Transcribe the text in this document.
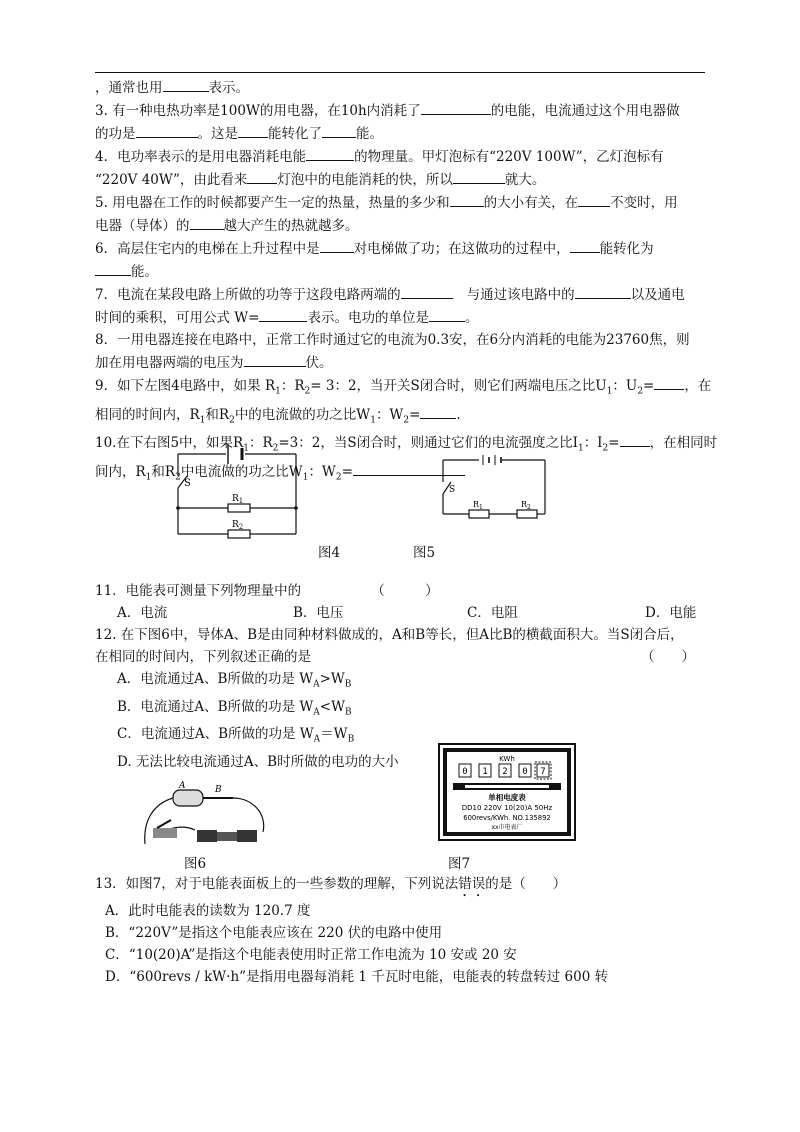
，通常也用	表示。
3. 有一种电热功率是100W的用电器，在10h内消耗了	的电能，电流通过这个用电器做
的功是	。这是 能转化了	能。
4．电功率表示的是用电器消耗电能	的物理量。甲灯泡标有“220V 100W”，乙灯泡标有
“220V 40W”，由此看来 灯泡中的电能消耗的快，所以	就大。
5. 用电器在工作的时候都要产生一定的热量，热量的多少和	的大小有关，在 不变时，用
电器（导体）的	越大产生的热就越多。
6．高层住宅内的电梯在上升过程中是	对电梯做了功；在这做功的过程中， 能转化为
能。
7．电流在某段电路上所做的功等于这段电路两端的	与通过该电路中的	以及通电
时间的乘积，可用公式 W=	表示。电功的单位是	。
8．一用电器连接在电路中，正常工作时通过它的电流为0.3安，在6分内消耗的电能为23760焦，则
加在用电器两端的电压为	伏。
9．如下左图4电路中，如果 $R_1$：$R_2= 3$：2，当开关S闭合时，则它们两端电压之比$U_1$：$U_2=$ ，在
相同的时间内，$R_1$和$R_2$中的电流做的功之比$W_1$：$W_2=$	.
10.在下右图5中，如果$R_1$：$R_2=3$：2，当S闭合时，则通过它们的电流强度之比$I_1$：$I_2=$ ，在相同时
间内，$R_1$和$R_2$中电流做的功之比$W_1$：$W_2=$
S
$R_1$
$R_2$
S
$R_1$	$R_2$
图4	图5
11．电能表可测量下列物理量中的	（　　　）
A．电流	B．电压	C．电阻	D．电能
12. 在下图6中，导体A、B是由同种材料做成的，A和B等长，但A比B的横截面积大。当S闭合后，
在相同的时间内，下列叙述正确的是	（　　）
A．电流通过A、B所做的功是 $W_A>W_B$
B．电流通过A、B所做的功是 $W_A<W_B$
C．电流通过A、B所做的功是 $W_A=W_B$
D. 无法比较电流通过A、B时所做的电功的大小
A	B
KWh
0 1 2 0 7
单相电度表
DD10 220V 10(20)A 50Hz
600revs/KWh. NO.135892
xx市电表厂
图6	图7
13．如图7，对于电能表面板上的一些参数的理解，下列说法错误的是（　　）
A．此时电能表的读数为 120.7 度
B．“220V”是指这个电能表应该在 220 伏的电路中使用
C．“10(20)A”是指这个电能表使用时正常工作电流为 10 安或 20 安
D．“600revs / kW·h”是指用电器每消耗 1 千瓦时电能，电能表的转盘转过 600 转
